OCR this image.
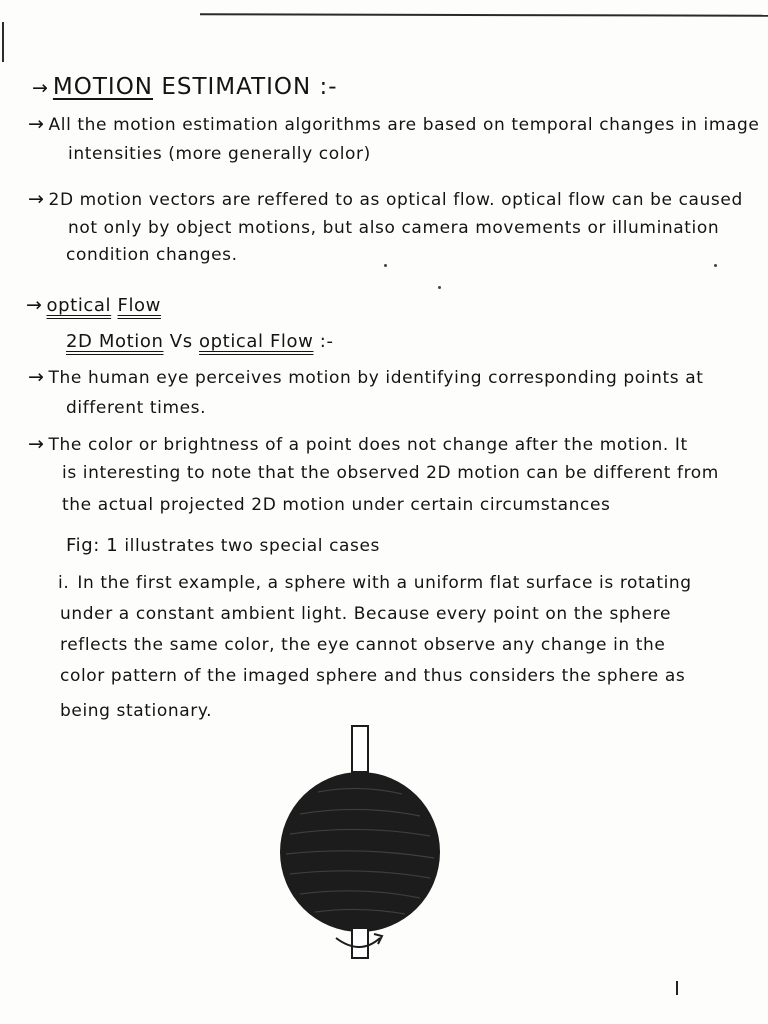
→ MOTION ESTIMATION :-
→ All the motion estimation algorithms are based on temporal changes in image
intensities (more generally color)
→ 2D motion vectors are reffered to as optical flow. optical flow can be caused
not only by object motions, but also camera movements or illumination
condition changes.
→ optical Flow
2D Motion Vs optical Flow :-
→ The human eye perceives motion by identifying corresponding points at
different times.
→ The color or brightness of a point does not change after the motion. It
is interesting to note that the observed 2D motion can be different from
the actual projected 2D motion under certain circumstances
Fig: 1 illustrates two special cases
i. In the first example, a sphere with a uniform flat surface is rotating
under a constant ambient light. Because every point on the sphere
reflects the same color, the eye cannot observe any change in the
color pattern of the imaged sphere and thus considers the sphere as
being stationary.
